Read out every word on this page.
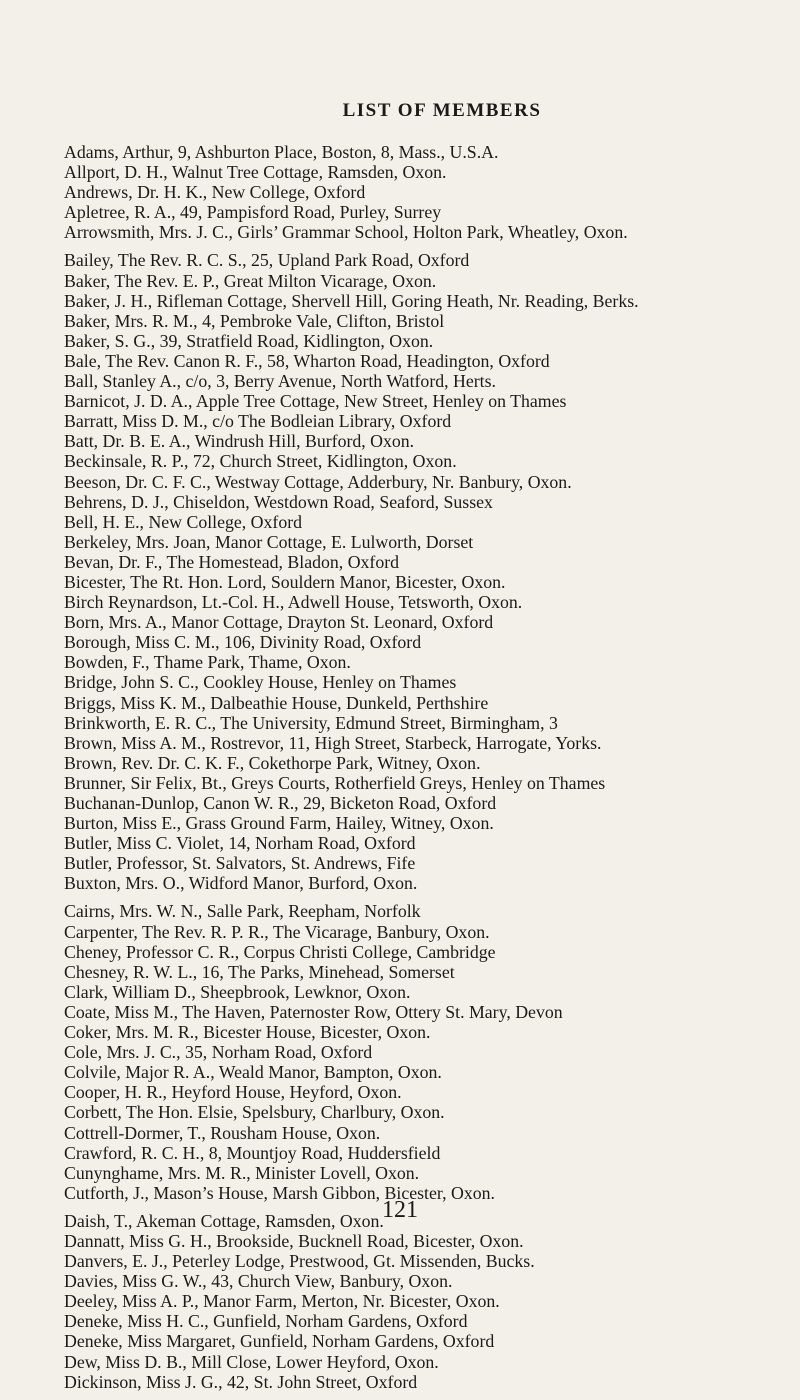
LIST OF MEMBERS

Adams, Arthur, 9, Ashburton Place, Boston, 8, Mass., U.S.A.

Allport, D. H., Walnut Tree Cottage, Ramsden, Oxon.

Andrews, Dr. H. K., New College, Oxford

Apletree, R. A., 49, Pampisford Road, Purley, Surrey

Arrowsmith, Mrs. J. C., Girls’ Grammar School, Holton Park, Wheatley, Oxon.

Bailey, The Rev. R. C. S., 25, Upland Park Road, Oxford

Baker, The Rev. E. P., Great Milton Vicarage, Oxon.

Baker, J. H., Rifleman Cottage, Shervell Hill, Goring Heath, Nr. Reading, Berks.

Baker, Mrs. R. M., 4, Pembroke Vale, Clifton, Bristol

Baker, S. G., 39, Stratfield Road, Kidlington, Oxon.

Bale, The Rev. Canon R. F., 58, Wharton Road, Headington, Oxford

Ball, Stanley A., c/o, 3, Berry Avenue, North Watford, Herts.

Barnicot, J. D. A., Apple Tree Cottage, New Street, Henley on Thames

Barratt, Miss D. M., c/o The Bodleian Library, Oxford

Batt, Dr. B. E. A., Windrush Hill, Burford, Oxon.

Beckinsale, R. P., 72, Church Street, Kidlington, Oxon.

Beeson, Dr. C. F. C., Westway Cottage, Adderbury, Nr. Banbury, Oxon.

Behrens, D. J., Chiseldon, Westdown Road, Seaford, Sussex

Bell, H. E., New College, Oxford

Berkeley, Mrs. Joan, Manor Cottage, E. Lulworth, Dorset

Bevan, Dr. F., The Homestead, Bladon, Oxford

Bicester, The Rt. Hon. Lord, Souldern Manor, Bicester, Oxon.

Birch Reynardson, Lt.-Col. H., Adwell House, Tetsworth, Oxon.

Born, Mrs. A., Manor Cottage, Drayton St. Leonard, Oxford

Borough, Miss C. M., 106, Divinity Road, Oxford

Bowden, F., Thame Park, Thame, Oxon.

Bridge, John S. C., Cookley House, Henley on Thames

Briggs, Miss K. M., Dalbeathie House, Dunkeld, Perthshire

Brinkworth, E. R. C., The University, Edmund Street, Birmingham, 3

Brown, Miss A. M., Rostrevor, 11, High Street, Starbeck, Harrogate, Yorks.

Brown, Rev. Dr. C. K. F., Cokethorpe Park, Witney, Oxon.

Brunner, Sir Felix, Bt., Greys Courts, Rotherfield Greys, Henley on Thames

Buchanan-Dunlop, Canon W. R., 29, Bicketon Road, Oxford

Burton, Miss E., Grass Ground Farm, Hailey, Witney, Oxon.

Butler, Miss C. Violet, 14, Norham Road, Oxford

Butler, Professor, St. Salvators, St. Andrews, Fife

Buxton, Mrs. O., Widford Manor, Burford, Oxon.

Cairns, Mrs. W. N., Salle Park, Reepham, Norfolk

Carpenter, The Rev. R. P. R., The Vicarage, Banbury, Oxon.

Cheney, Professor C. R., Corpus Christi College, Cambridge

Chesney, R. W. L., 16, The Parks, Minehead, Somerset

Clark, William D., Sheepbrook, Lewknor, Oxon.

Coate, Miss M., The Haven, Paternoster Row, Ottery St. Mary, Devon

Coker, Mrs. M. R., Bicester House, Bicester, Oxon.

Cole, Mrs. J. C., 35, Norham Road, Oxford

Colvile, Major R. A., Weald Manor, Bampton, Oxon.

Cooper, H. R., Heyford House, Heyford, Oxon.

Corbett, The Hon. Elsie, Spelsbury, Charlbury, Oxon.

Cottrell-Dormer, T., Rousham House, Oxon.

Crawford, R. C. H., 8, Mountjoy Road, Huddersfield

Cunynghame, Mrs. M. R., Minister Lovell, Oxon.

Cutforth, J., Mason’s House, Marsh Gibbon, Bicester, Oxon.

Daish, T., Akeman Cottage, Ramsden, Oxon.

Dannatt, Miss G. H., Brookside, Bucknell Road, Bicester, Oxon.

Danvers, E. J., Peterley Lodge, Prestwood, Gt. Missenden, Bucks.

Davies, Miss G. W., 43, Church View, Banbury, Oxon.

Deeley, Miss A. P., Manor Farm, Merton, Nr. Bicester, Oxon.

Deneke, Miss H. C., Gunfield, Norham Gardens, Oxford

Deneke, Miss Margaret, Gunfield, Norham Gardens, Oxford

Dew, Miss D. B., Mill Close, Lower Heyford, Oxon.

Dickinson, Miss J. G., 42, St. John Street, Oxford

121
